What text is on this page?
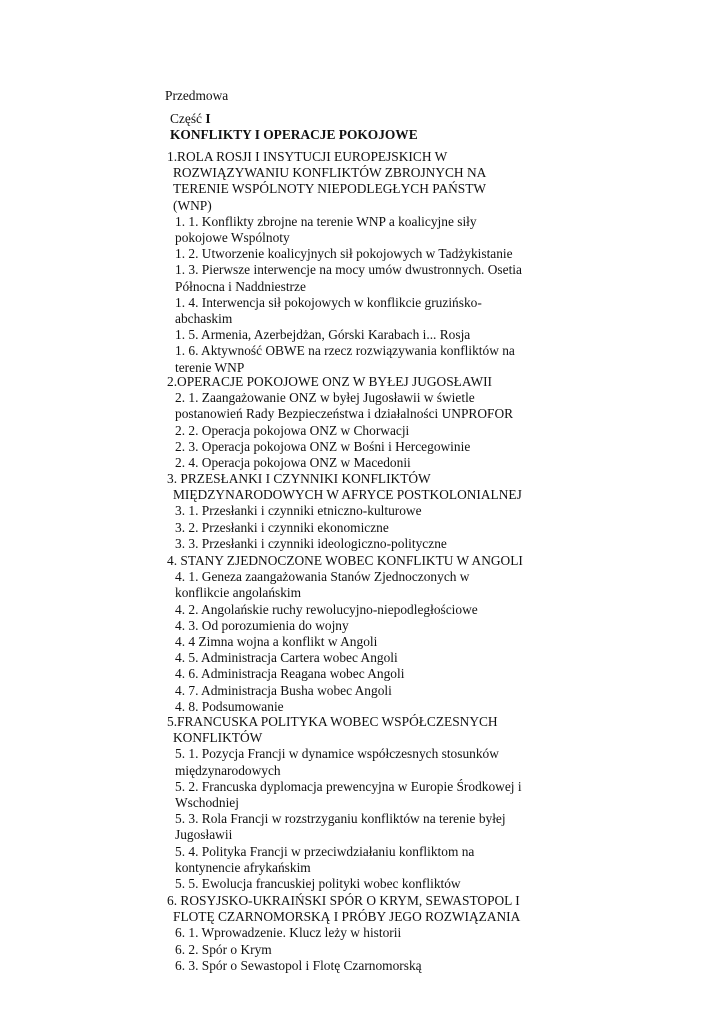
Przedmowa
Część I
KONFLIKTY I OPERACJE POKOJOWE
1.ROLA ROSJI I INSYTUCJI EUROPEJSKICH W
ROZWIĄZYWANIU KONFLIKTÓW ZBROJNYCH NA
TERENIE WSPÓLNOTY NIEPODLEGŁYCH PAŃSTW
(WNP)
1. 1. Konflikty zbrojne na terenie WNP a koalicyjne siły
pokojowe Wspólnoty
1. 2. Utworzenie koalicyjnych sił pokojowych w Tadżykistanie
1. 3. Pierwsze interwencje na mocy umów dwustronnych. Osetia
Północna i Naddniestrze
1. 4. Interwencja sił pokojowych w konflikcie gruzińsko-
abchaskim
1. 5. Armenia, Azerbejdżan, Górski Karabach i... Rosja
1. 6. Aktywność OBWE na rzecz rozwiązywania konfliktów na
terenie WNP
2.OPERACJE POKOJOWE ONZ W BYŁEJ JUGOSŁAWII
2. 1. Zaangażowanie ONZ w byłej Jugosławii w świetle
postanowień Rady Bezpieczeństwa i działalności UNPROFOR
2. 2. Operacja pokojowa ONZ w Chorwacji
2. 3. Operacja pokojowa ONZ w Bośni i Hercegowinie
2. 4. Operacja pokojowa ONZ w Macedonii
3. PRZESŁANKI I CZYNNIKI KONFLIKTÓW
MIĘDZYNARODOWYCH W AFRYCE POSTKOLONIALNEJ
3. 1. Przesłanki i czynniki etniczno-kulturowe
3. 2. Przesłanki i czynniki ekonomiczne
3. 3. Przesłanki i czynniki ideologiczno-polityczne
4. STANY ZJEDNOCZONE WOBEC KONFLIKTU W ANGOLI
4. 1. Geneza zaangażowania Stanów Zjednoczonych w
konflikcie angolańskim
4. 2. Angolańskie ruchy rewolucyjno-niepodległościowe
4. 3. Od porozumienia do wojny
4. 4 Zimna wojna a konflikt w Angoli
4. 5. Administracja Cartera wobec Angoli
4. 6. Administracja Reagana wobec Angoli
4. 7. Administracja Busha wobec Angoli
4. 8. Podsumowanie
5.FRANCUSKA POLITYKA WOBEC WSPÓŁCZESNYCH
KONFLIKTÓW
5. 1. Pozycja Francji w dynamice współczesnych stosunków
międzynarodowych
5. 2. Francuska dyplomacja prewencyjna w Europie Środkowej i
Wschodniej
5. 3. Rola Francji w rozstrzyganiu konfliktów na terenie byłej
Jugosławii
5. 4. Polityka Francji w przeciwdziałaniu konfliktom na
kontynencie afrykańskim
5. 5. Ewolucja francuskiej polityki wobec konfliktów
6. ROSYJSKO-UKRAIŃSKI SPÓR O KRYM, SEWASTOPOL I
FLOTĘ CZARNOMORSKĄ I PRÓBY JEGO ROZWIĄZANIA
6. 1. Wprowadzenie. Klucz leży w historii
6. 2. Spór o Krym
6. 3. Spór o Sewastopol i Flotę Czarnomorską
